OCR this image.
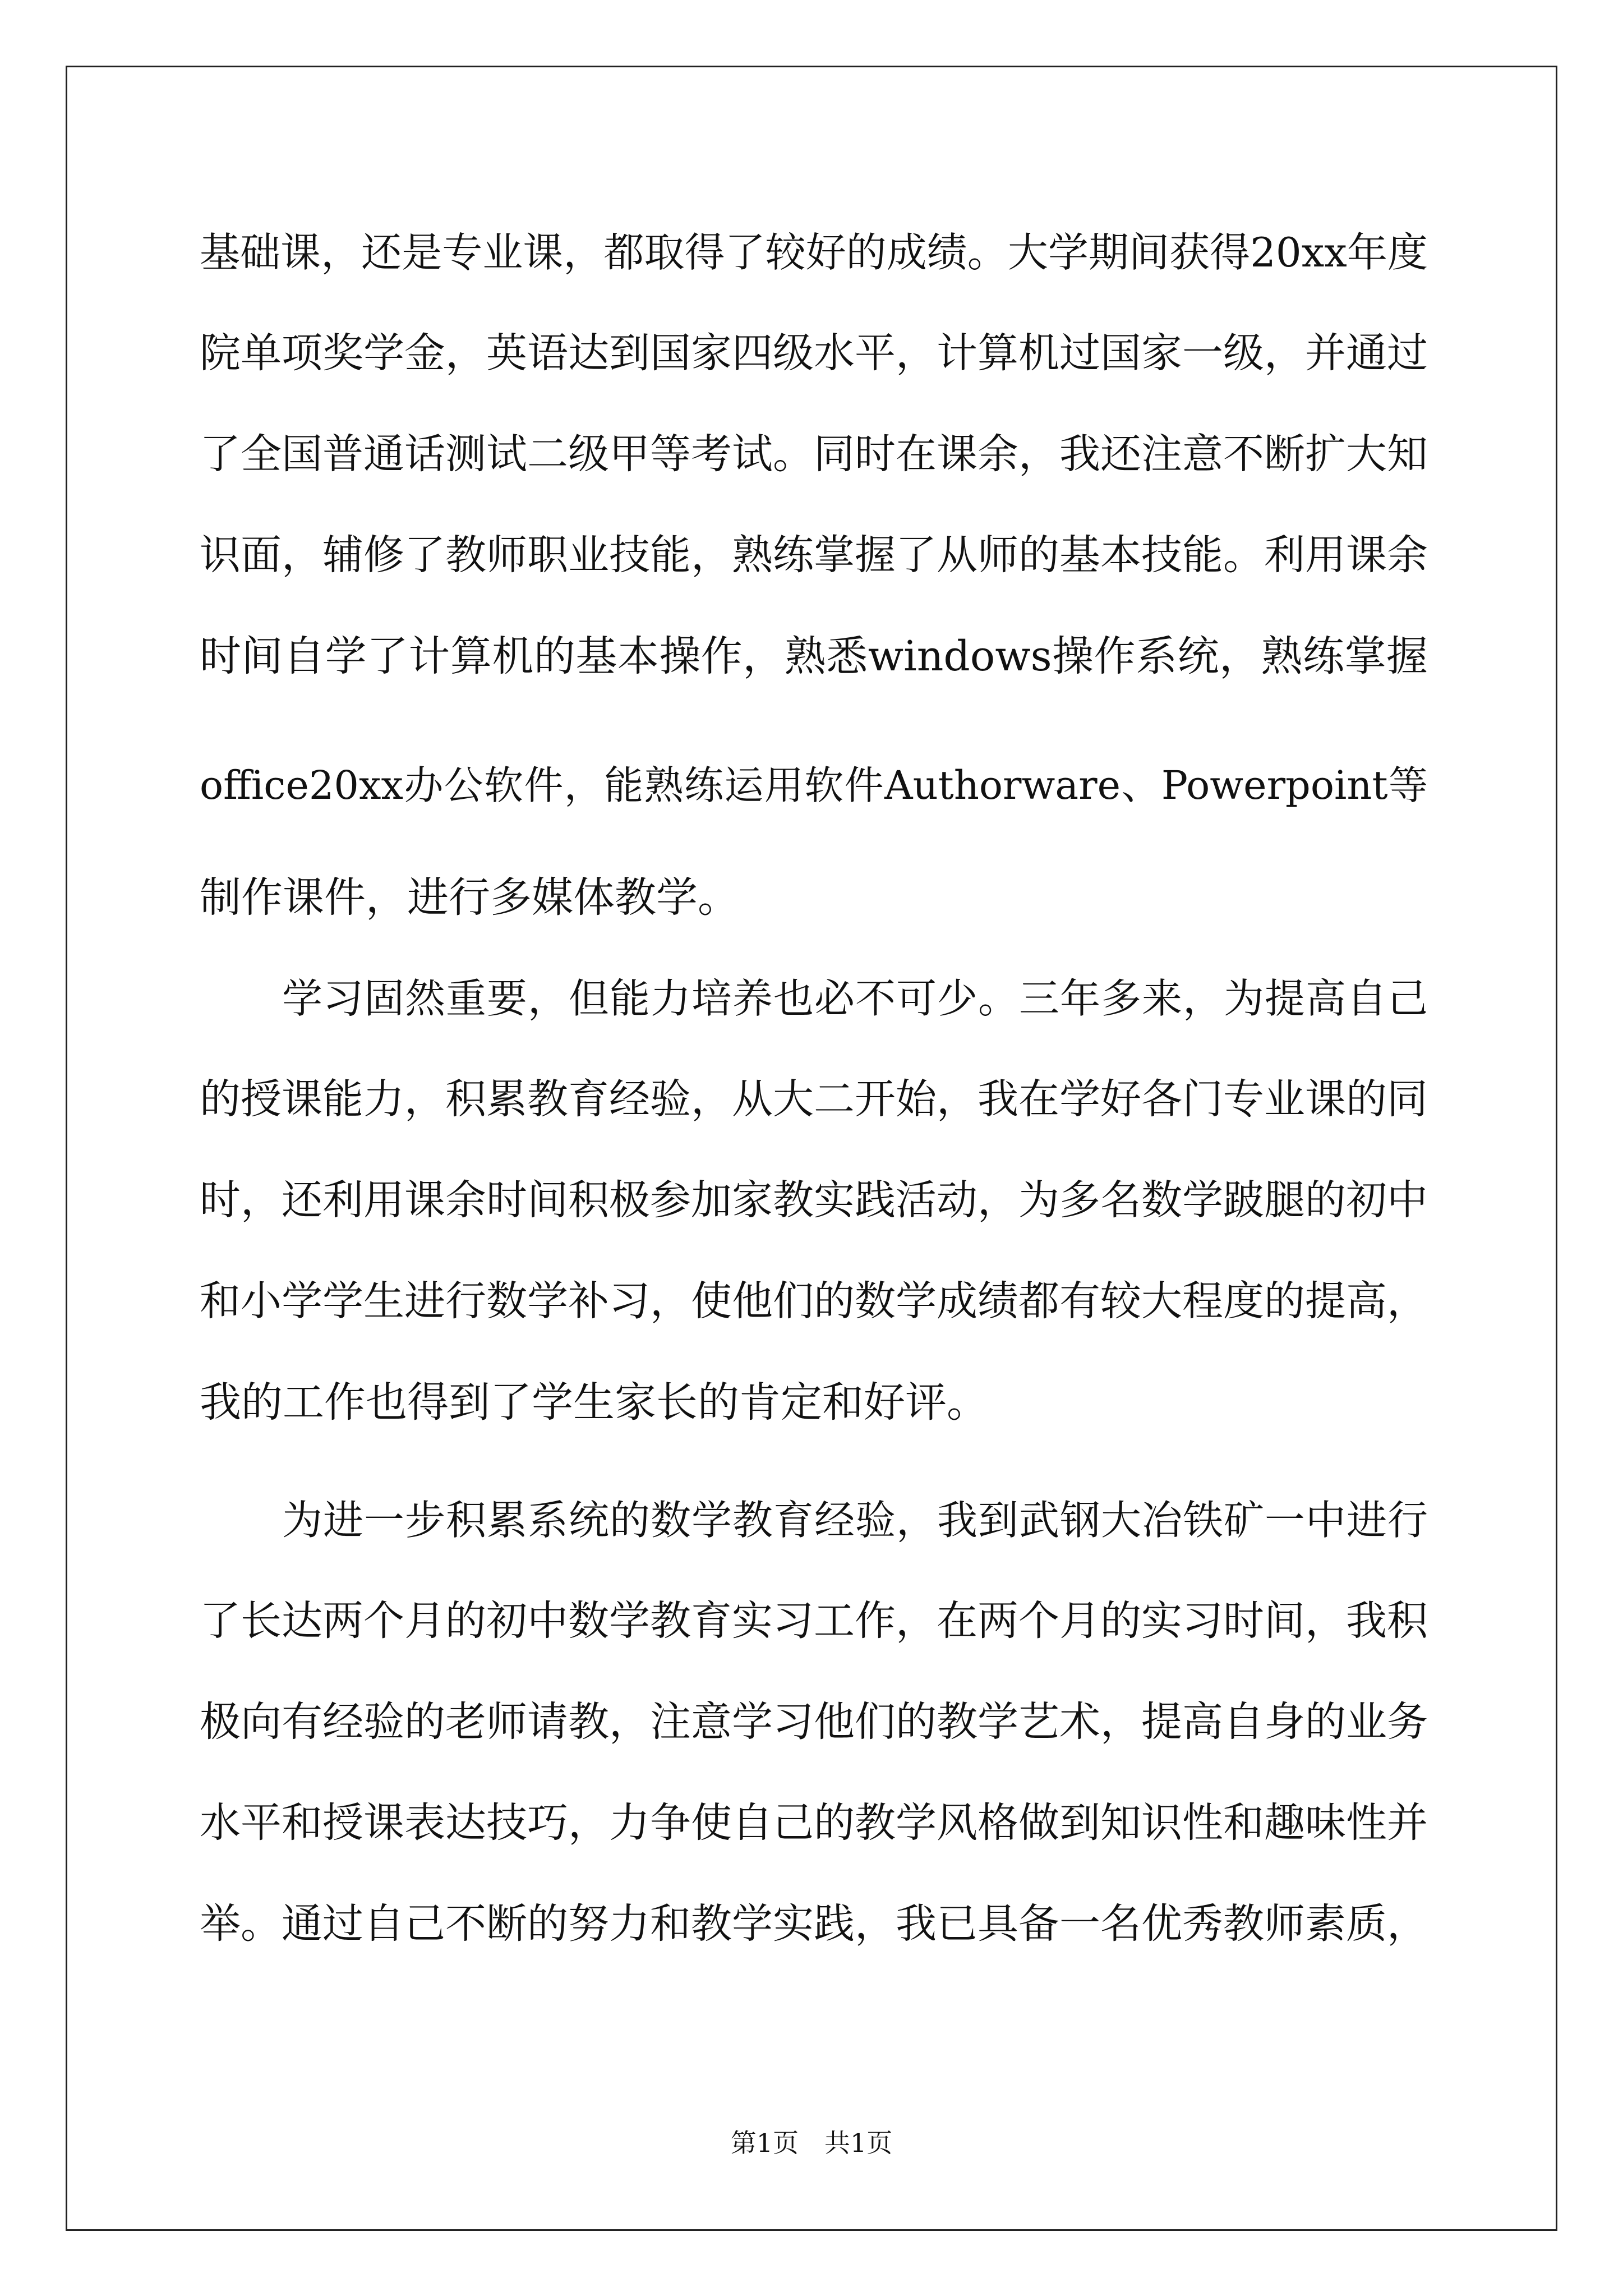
基础课，还是专业课，都取得了较好的成绩。大学期间获得20xx年度
院单项奖学金，英语达到国家四级水平，计算机过国家一级，并通过
了全国普通话测试二级甲等考试。同时在课余，我还注意不断扩大知
识面，辅修了教师职业技能，熟练掌握了从师的基本技能。利用课余
时间自学了计算机的基本操作，熟悉windows操作系统，熟练掌握
office20xx办公软件，能熟练运用软件Authorware、Powerpoint等
制作课件，进行多媒体教学。
学习固然重要，但能力培养也必不可少。三年多来，为提高自己
的授课能力，积累教育经验，从大二开始，我在学好各门专业课的同
时，还利用课余时间积极参加家教实践活动，为多名数学跛腿的初中
和小学学生进行数学补习，使他们的数学成绩都有较大程度的提高，
我的工作也得到了学生家长的肯定和好评。
为进一步积累系统的数学教育经验，我到武钢大冶铁矿一中进行
了长达两个月的初中数学教育实习工作，在两个月的实习时间，我积
极向有经验的老师请教，注意学习他们的教学艺术，提高自身的业务
水平和授课表达技巧，力争使自己的教学风格做到知识性和趣味性并
举。通过自己不断的努力和教学实践，我已具备一名优秀教师素质，
第1页　共1页
